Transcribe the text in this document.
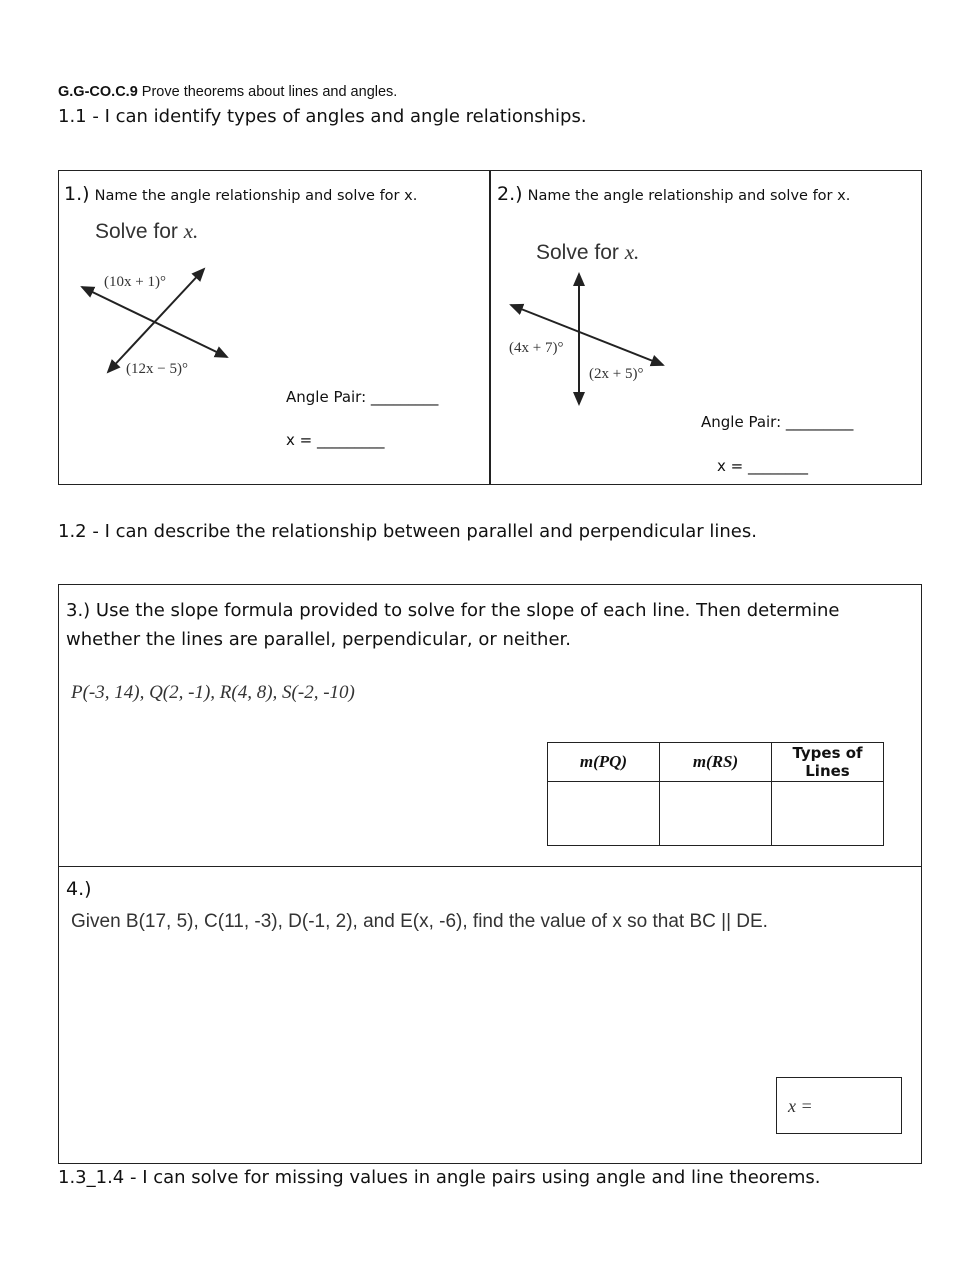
G.G-CO.C.9 Prove theorems about lines and angles.
1.1 - I can identify types of angles and angle relationships.
1.) Name the angle relationship and solve for x.
Solve for x.
(10x + 1)°
(12x − 5)°
Angle Pair: _________
x = _________
2.) Name the angle relationship and solve for x.
Solve for x.
(4x + 7)°
(2x + 5)°
Angle Pair: _________
x = ________
1.2 - I can describe the relationship between parallel and perpendicular lines.
3.) Use the slope formula provided to solve for the slope of each line. Then determine whether the lines are parallel, perpendicular, or neither.
P(-3, 14), Q(2, -1), R(4, 8), S(-2, -10)
m(PQ)	m(RS)	Types of Lines

4.)
Given B(17, 5), C(11, -3), D(-1, 2), and E(x, -6), find the value of x so that BC || DE.
x =
1.3_1.4 - I can solve for missing values in angle pairs using angle and line theorems.
